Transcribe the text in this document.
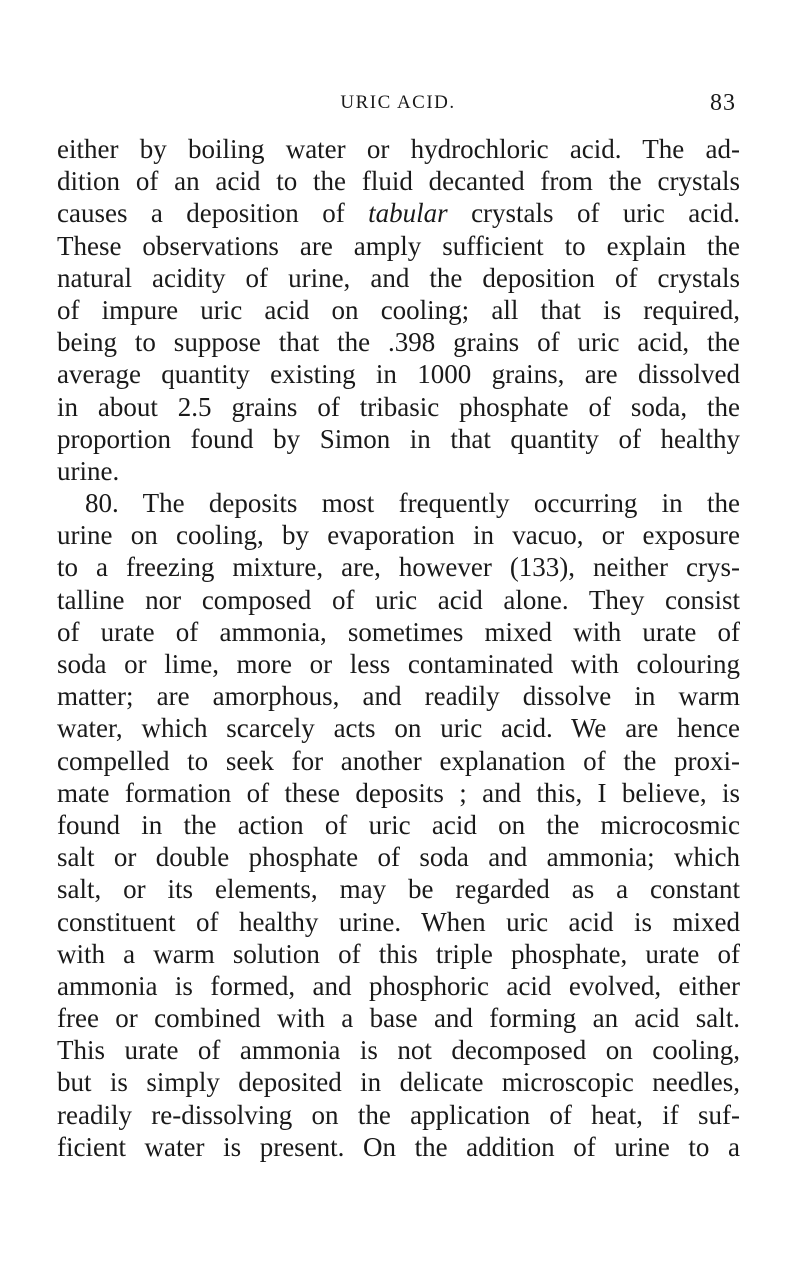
URIC ACID.	83
either by boiling water or hydrochloric acid. The ad-
dition of an acid to the fluid decanted from the crystals
causes a deposition of tabular crystals of uric acid.
These observations are amply sufficient to explain the
natural acidity of urine, and the deposition of crystals
of impure uric acid on cooling; all that is required,
being to suppose that the .398 grains of uric acid, the
average quantity existing in 1000 grains, are dissolved
in about 2.5 grains of tribasic phosphate of soda, the
proportion found by Simon in that quantity of healthy
urine.
80. The deposits most frequently occurring in the
urine on cooling, by evaporation in vacuo, or exposure
to a freezing mixture, are, however (133), neither crys-
talline nor composed of uric acid alone. They consist
of urate of ammonia, sometimes mixed with urate of
soda or lime, more or less contaminated with colouring
matter; are amorphous, and readily dissolve in warm
water, which scarcely acts on uric acid. We are hence
compelled to seek for another explanation of the proxi-
mate formation of these deposits ; and this, I believe, is
found in the action of uric acid on the microcosmic
salt or double phosphate of soda and ammonia; which
salt, or its elements, may be regarded as a constant
constituent of healthy urine. When uric acid is mixed
with a warm solution of this triple phosphate, urate of
ammonia is formed, and phosphoric acid evolved, either
free or combined with a base and forming an acid salt.
This urate of ammonia is not decomposed on cooling,
but is simply deposited in delicate microscopic needles,
readily re-dissolving on the application of heat, if suf-
ficient water is present. On the addition of urine to a
